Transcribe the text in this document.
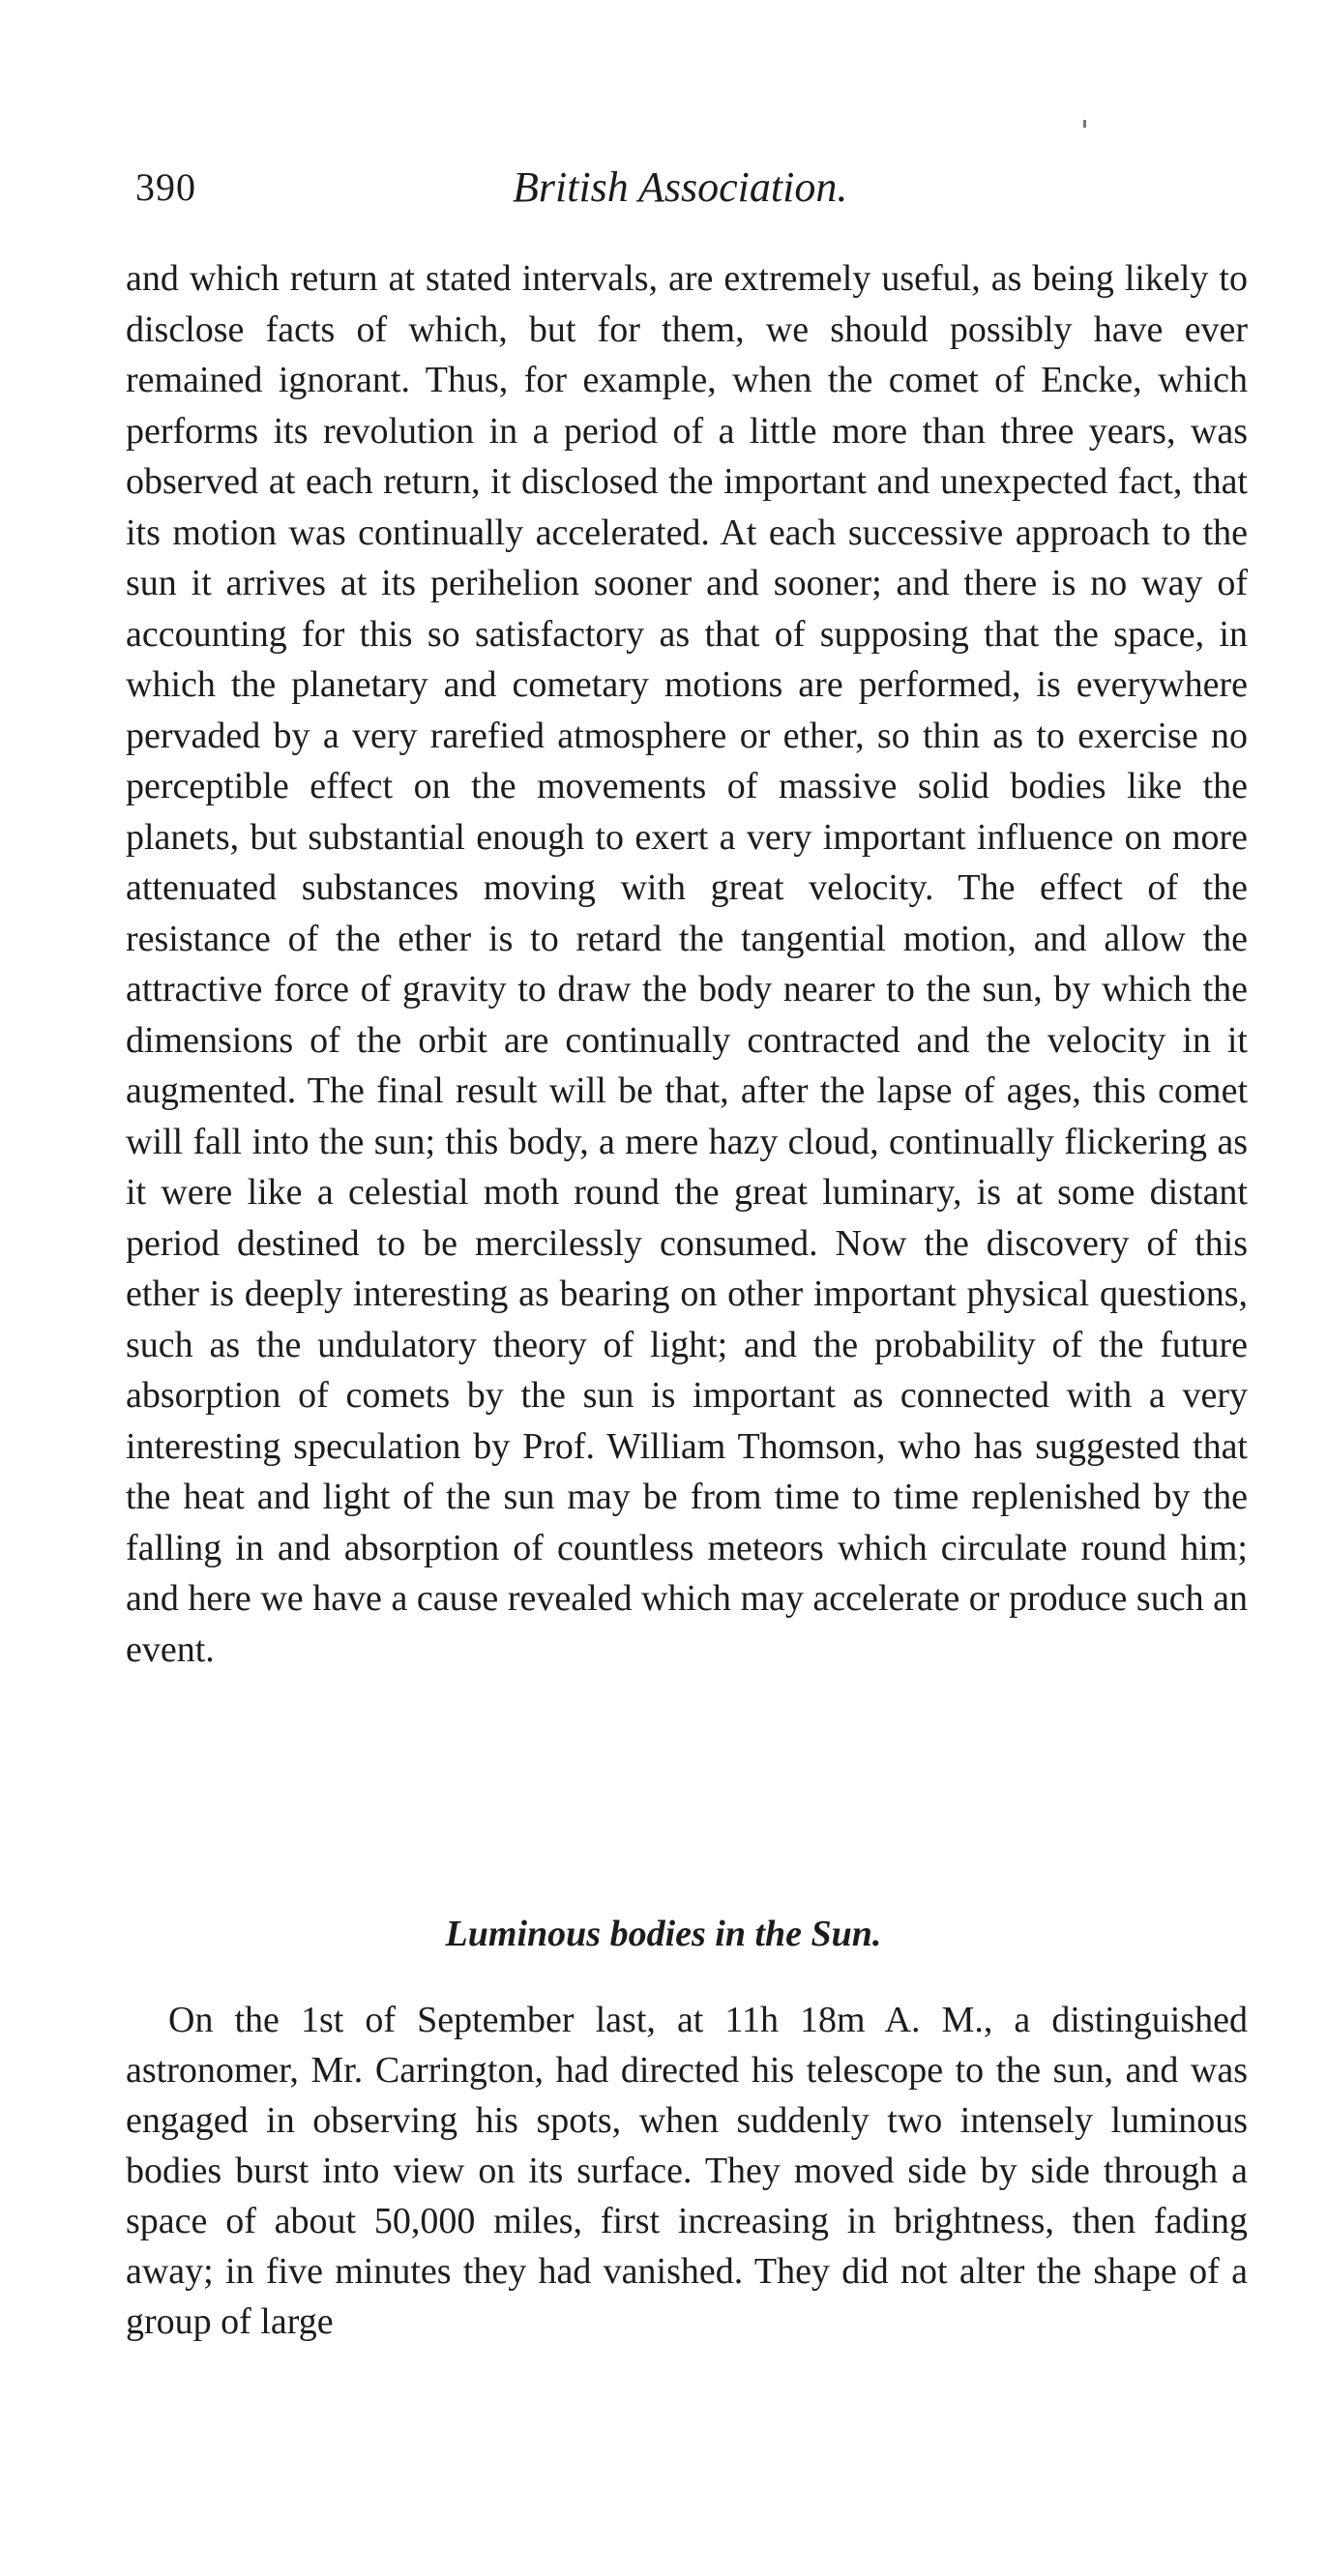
390	British Association.

and which return at stated intervals, are extremely useful, as being likely to disclose facts of which, but for them, we should possibly have ever remained ignorant. Thus, for example, when the comet of Encke, which performs its revolution in a period of a little more than three years, was observed at each return, it disclosed the important and unexpected fact, that its motion was continually accelerated. At each successive approach to the sun it arrives at its perihelion sooner and sooner; and there is no way of accounting for this so satisfactory as that of supposing that the space, in which the planetary and cometary motions are performed, is everywhere pervaded by a very rarefied atmosphere or ether, so thin as to exercise no perceptible effect on the movements of massive solid bodies like the planets, but substantial enough to exert a very important influence on more attenuated substances moving with great velocity. The effect of the resistance of the ether is to retard the tangential motion, and allow the attractive force of gravity to draw the body nearer to the sun, by which the dimensions of the orbit are continually contracted and the velocity in it augmented. The final result will be that, after the lapse of ages, this comet will fall into the sun; this body, a mere hazy cloud, continually flickering as it were like a celestial moth round the great luminary, is at some distant period destined to be mercilessly consumed. Now the discovery of this ether is deeply interesting as bearing on other important physical questions, such as the undulatory theory of light; and the probability of the future absorption of comets by the sun is important as connected with a very interesting speculation by Prof. William Thomson, who has suggested that the heat and light of the sun may be from time to time replenished by the falling in and absorption of countless meteors which circulate round him; and here we have a cause revealed which may accelerate or produce such an event.

Luminous bodies in the Sun.

On the 1st of September last, at 11h 18m A. M., a distinguished astronomer, Mr. Carrington, had directed his telescope to the sun, and was engaged in observing his spots, when suddenly two intensely luminous bodies burst into view on its surface. They moved side by side through a space of about 50,000 miles, first increasing in brightness, then fading away; in five minutes they had vanished. They did not alter the shape of a group of large
